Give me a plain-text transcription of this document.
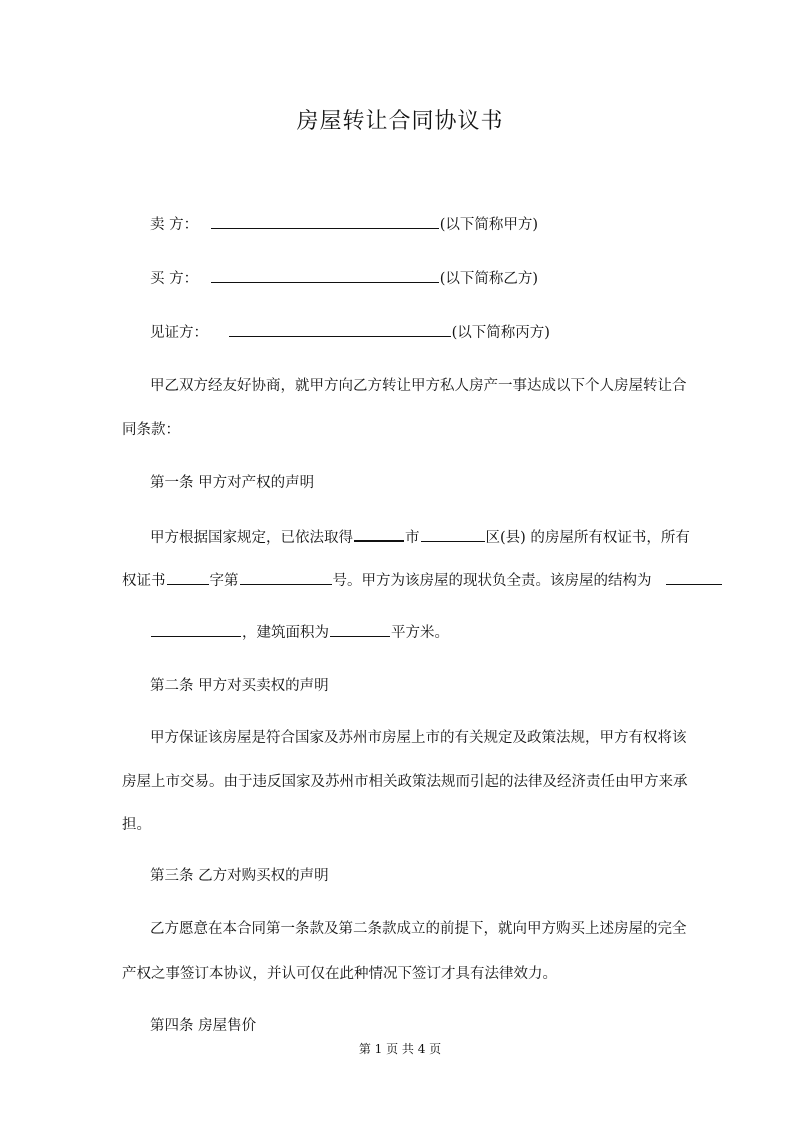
房屋转让合同协议书
卖 方：	(以下简称甲方)
买 方：	(以下简称乙方)
见证方：	(以下简称丙方)
甲乙双方经友好协商，就甲方向乙方转让甲方私人房产一事达成以下个人房屋转让合
同条款：
第一条 甲方对产权的声明
甲方根据国家规定，已依法取得	市	区(县) 的房屋所有权证书，所有
权证书	字第	号。甲方为该房屋的现状负全责。该房屋的结构为
，建筑面积为	平方米。
第二条 甲方对买卖权的声明
甲方保证该房屋是符合国家及苏州市房屋上市的有关规定及政策法规，甲方有权将该
房屋上市交易。由于违反国家及苏州市相关政策法规而引起的法律及经济责任由甲方来承
担。
第三条 乙方对购买权的声明
乙方愿意在本合同第一条款及第二条款成立的前提下，就向甲方购买上述房屋的完全
产权之事签订本协议，并认可仅在此种情况下签订才具有法律效力。
第四条 房屋售价
第 1 页 共 4 页
